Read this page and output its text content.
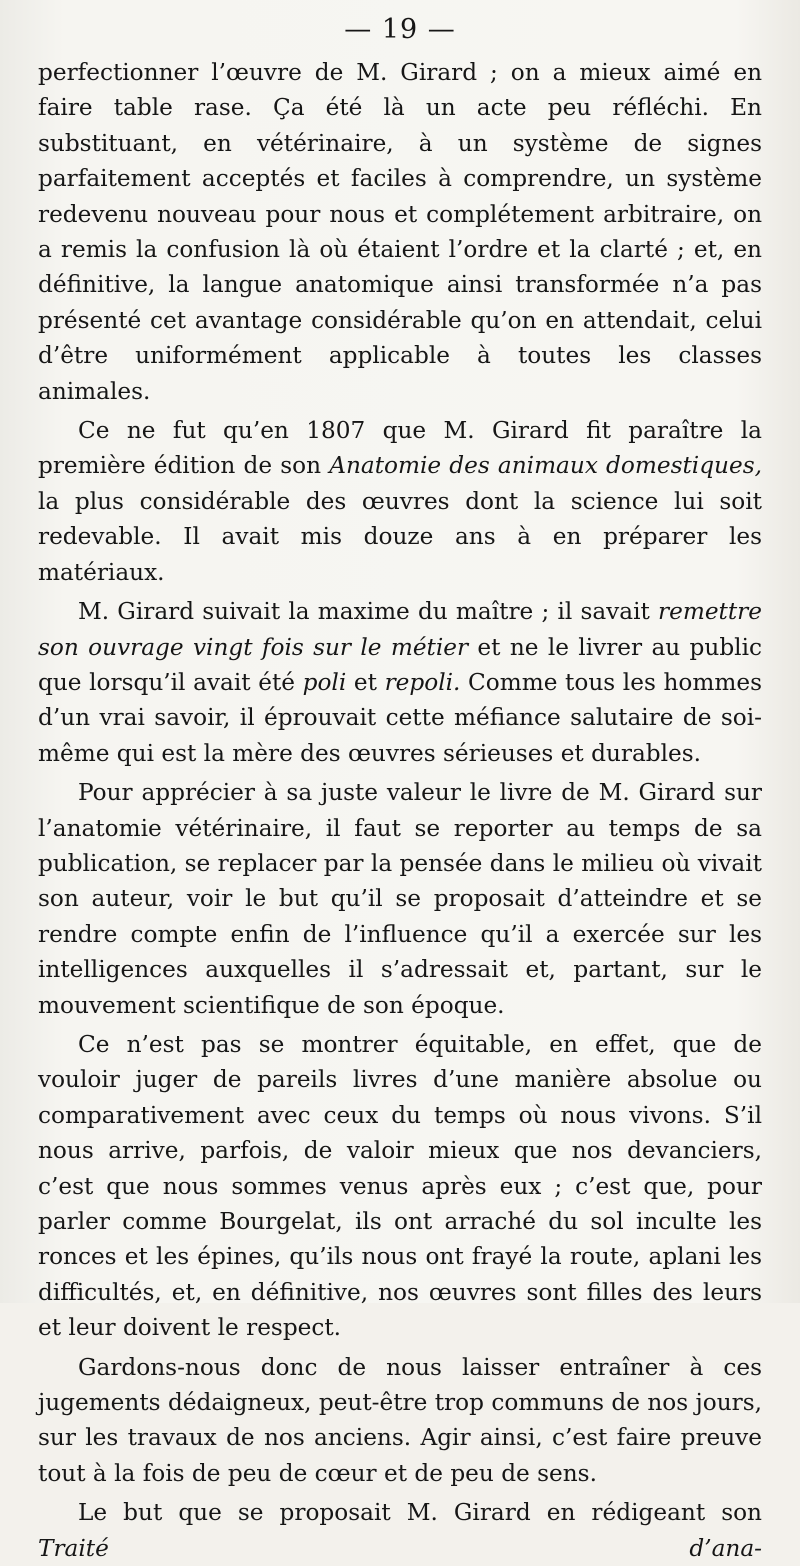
— 19 —

perfectionner l’œuvre de M. Girard ; on a mieux aimé en faire table rase. Ça été là un acte peu réfléchi. En substituant, en vétérinaire, à un système de signes parfaitement acceptés et faciles à comprendre, un système redevenu nouveau pour nous et complétement arbitraire, on a remis la confusion là où étaient l’ordre et la clarté ; et, en définitive, la langue anatomique ainsi transformée n’a pas présenté cet avantage considérable qu’on en attendait, celui d’être uniformément applicable à toutes les classes animales.

Ce ne fut qu’en 1807 que M. Girard fit paraître la première édition de son Anatomie des animaux domestiques, la plus considérable des œuvres dont la science lui soit redevable. Il avait mis douze ans à en préparer les matériaux.

M. Girard suivait la maxime du maître ; il savait remettre son ouvrage vingt fois sur le métier et ne le livrer au public que lorsqu’il avait été poli et repoli. Comme tous les hommes d’un vrai savoir, il éprouvait cette méfiance salutaire de soi-même qui est la mère des œuvres sérieuses et durables.

Pour apprécier à sa juste valeur le livre de M. Girard sur l’anatomie vétérinaire, il faut se reporter au temps de sa publication, se replacer par la pensée dans le milieu où vivait son auteur, voir le but qu’il se proposait d’atteindre et se rendre compte enfin de l’influence qu’il a exercée sur les intelligences auxquelles il s’adressait et, partant, sur le mouvement scientifique de son époque.

Ce n’est pas se montrer équitable, en effet, que de vouloir juger de pareils livres d’une manière absolue ou comparativement avec ceux du temps où nous vivons. S’il nous arrive, parfois, de valoir mieux que nos devanciers, c’est que nous sommes venus après eux ; c’est que, pour parler comme Bourgelat, ils ont arraché du sol inculte les ronces et les épines, qu’ils nous ont frayé la route, aplani les difficultés, et, en définitive, nos œuvres sont filles des leurs et leur doivent le respect.

Gardons-nous donc de nous laisser entraîner à ces jugements dédaigneux, peut-être trop communs de nos jours, sur les travaux de nos anciens. Agir ainsi, c’est faire preuve tout à la fois de peu de cœur et de peu de sens.

Le but que se proposait M. Girard en rédigeant son Traité d’ana-
